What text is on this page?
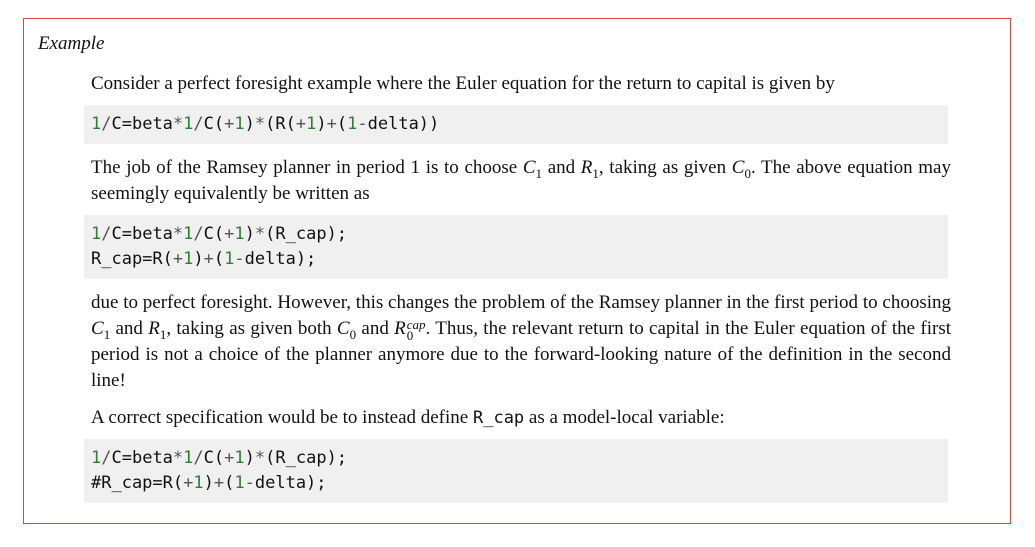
Example

Consider a perfect foresight example where the Euler equation for the return to capital is given by

1/C=beta*1/C(+1)*(R(+1)+(1-delta))

The job of the Ramsey planner in period 1 is to choose $C_1$ and $R_1$, taking as given $C_0$. The above equation may seemingly equivalently be written as

1/C=beta*1/C(+1)*(R_cap);
R_cap=R(+1)+(1-delta);

due to perfect foresight. However, this changes the problem of the Ramsey planner in the first period to choosing $C_1$ and $R_1$, taking as given both $C_0$ and R cap
0 . Thus, the relevant return to capital in the Euler equation of the first period is not a choice of the planner anymore due to the forward-looking nature of the definition in the second line!

A correct specification would be to instead define R_cap as a model-local variable:

1/C=beta*1/C(+1)*(R_cap);
#R_cap=R(+1)+(1-delta);
